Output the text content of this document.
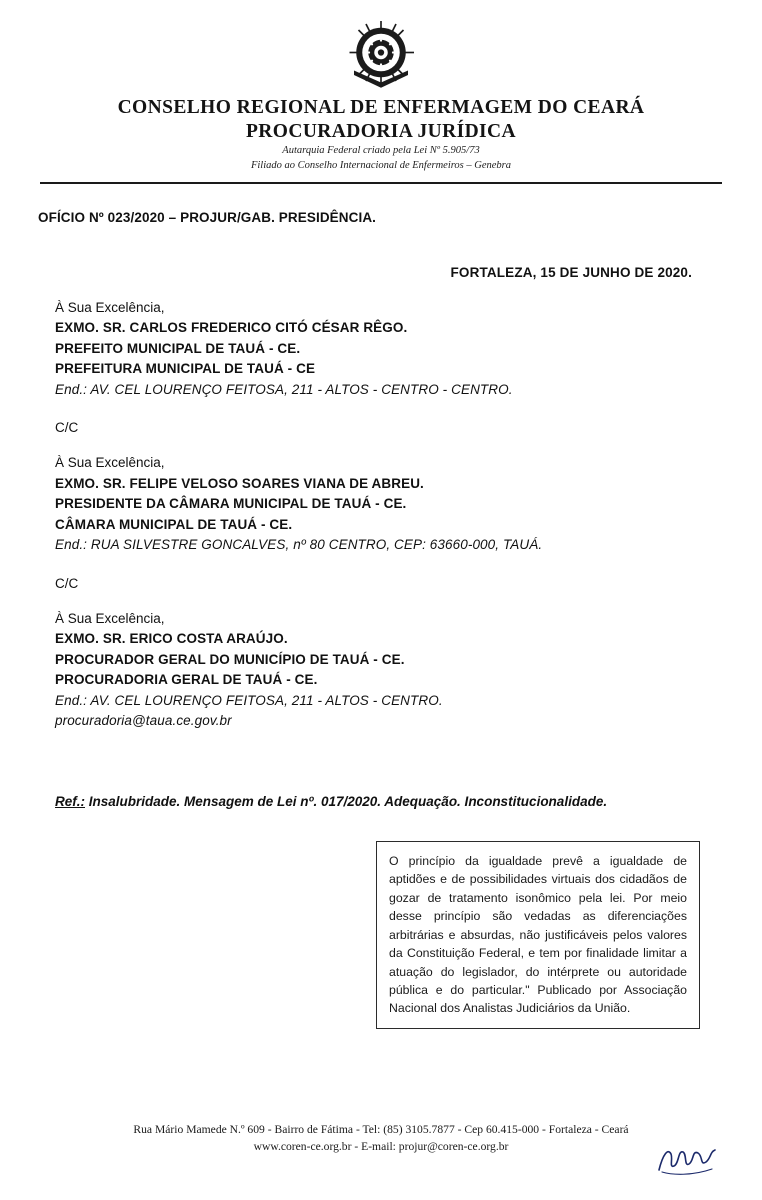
CONSELHO REGIONAL DE ENFERMAGEM DO CEARÁ
PROCURADORIA JURÍDICA
Autarquia Federal criado pela Lei Nº 5.905/73
Filiado ao Conselho Internacional de Enfermeiros – Genebra
OFÍCIO Nº 023/2020 – PROJUR/GAB. PRESIDÊNCIA.
FORTALEZA, 15 DE JUNHO DE 2020.
À Sua Excelência,
EXMO. SR. CARLOS FREDERICO CITÓ CÉSAR RÊGO.
PREFEITO MUNICIPAL DE TAUÁ - CE.
PREFEITURA MUNICIPAL DE TAUÁ - CE
End.: AV. CEL LOURENÇO FEITOSA, 211 - ALTOS - CENTRO - CENTRO.
C/C
À Sua Excelência,
EXMO. SR. FELIPE VELOSO SOARES VIANA DE ABREU.
PRESIDENTE DA CÂMARA MUNICIPAL DE TAUÁ - CE.
CÂMARA MUNICIPAL DE TAUÁ - CE.
End.: RUA SILVESTRE GONCALVES, nº 80 CENTRO, CEP: 63660-000, TAUÁ.
C/C
À Sua Excelência,
EXMO. SR. ERICO COSTA ARAÚJO.
PROCURADOR GERAL DO MUNICÍPIO DE TAUÁ - CE.
PROCURADORIA GERAL DE TAUÁ - CE.
End.: AV. CEL LOURENÇO FEITOSA, 211 - ALTOS - CENTRO.
procuradoria@taua.ce.gov.br
Ref.: Insalubridade. Mensagem de Lei nº. 017/2020. Adequação. Inconstitucionalidade.
O princípio da igualdade prevê a igualdade de aptidões e de possibilidades virtuais dos cidadãos de gozar de tratamento isonômico pela lei. Por meio desse princípio são vedadas as diferenciações arbitrárias e absurdas, não justificáveis pelos valores da Constituição Federal, e tem por finalidade limitar a atuação do legislador, do intérprete ou autoridade pública e do particular." Publicado por Associação Nacional dos Analistas Judiciários da União.
Rua Mário Mamede N.º 609 - Bairro de Fátima - Tel: (85) 3105.7877 - Cep 60.415-000 - Fortaleza - Ceará
www.coren-ce.org.br - E-mail: projur@coren-ce.org.br
